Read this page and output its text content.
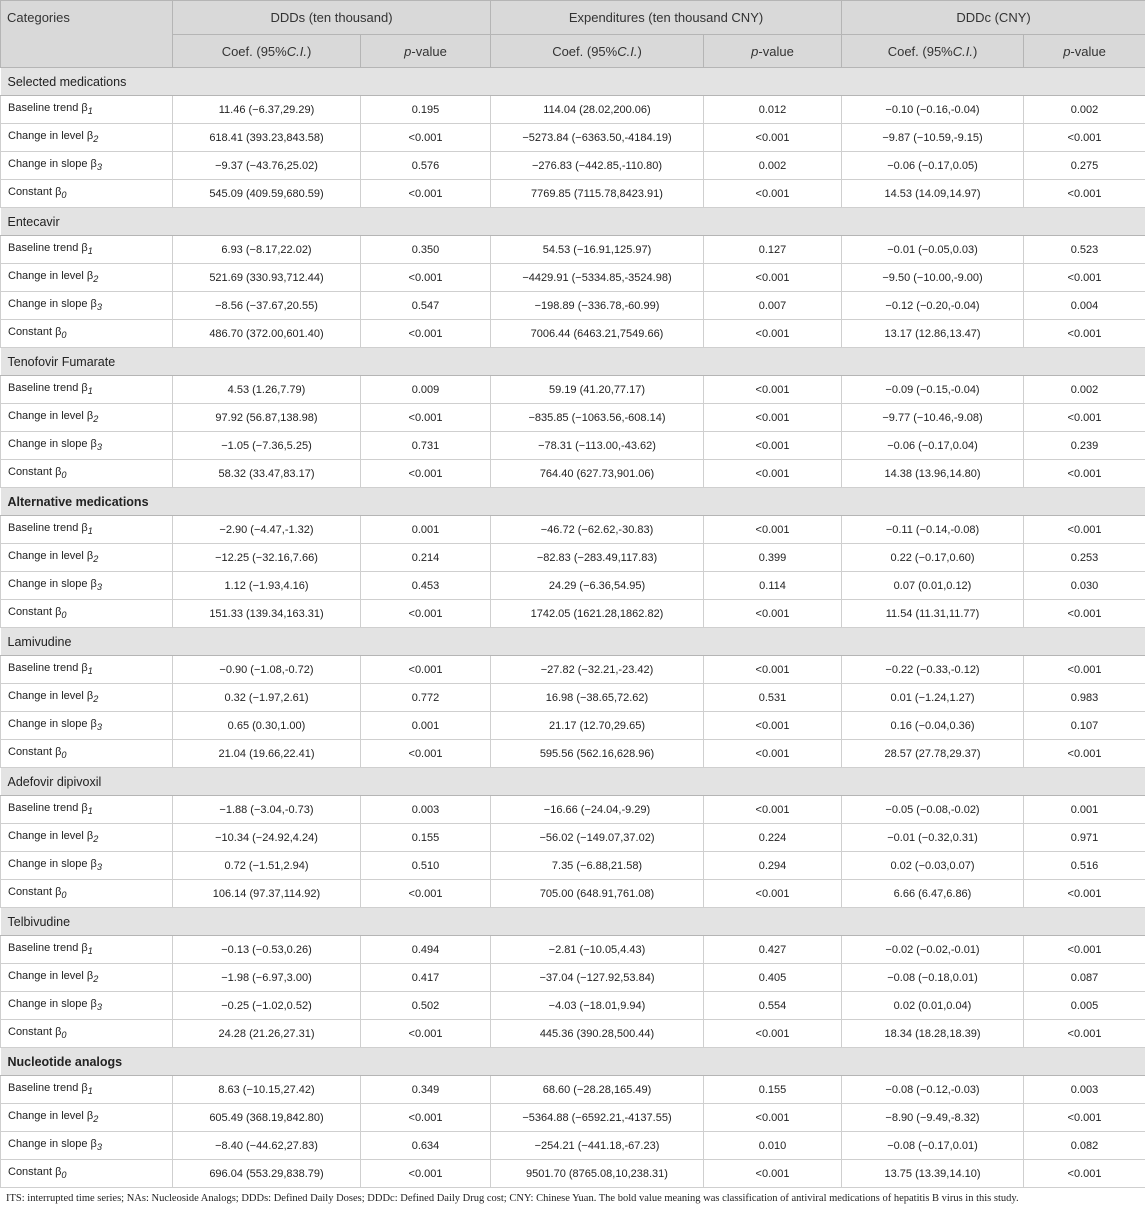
Categories	DDDs (ten thousand)		Expenditures (ten thousand CNY)		DDDc (CNY)	
	Coef. (95%C.I.)	p-value	Coef. (95%C.I.)	p-value	Coef. (95%C.I.)	p-value
Selected medications						
Baseline trend $\beta_1$	11.46 (−6.37,29.29)	0.195	114.04 (28.02,200.06)	0.012	−0.10 (−0.16,-0.04)	0.002
Change in level $\beta_2$	618.41 (393.23,843.58)	<0.001	−5273.84 (−6363.50,-4184.19)	<0.001	−9.87 (−10.59,-9.15)	<0.001
Change in slope $\beta_3$	−9.37 (−43.76,25.02)	0.576	−276.83 (−442.85,-110.80)	0.002	−0.06 (−0.17,0.05)	0.275
Constant $\beta_0$	545.09 (409.59,680.59)	<0.001	7769.85 (7115.78,8423.91)	<0.001	14.53 (14.09,14.97)	<0.001
Entecavir						
Baseline trend $\beta_1$	6.93 (−8.17,22.02)	0.350	54.53 (−16.91,125.97)	0.127	−0.01 (−0.05,0.03)	0.523
Change in level $\beta_2$	521.69 (330.93,712.44)	<0.001	−4429.91 (−5334.85,-3524.98)	<0.001	−9.50 (−10.00,-9.00)	<0.001
Change in slope $\beta_3$	−8.56 (−37.67,20.55)	0.547	−198.89 (−336.78,-60.99)	0.007	−0.12 (−0.20,-0.04)	0.004
Constant $\beta_0$	486.70 (372.00,601.40)	<0.001	7006.44 (6463.21,7549.66)	<0.001	13.17 (12.86,13.47)	<0.001
Tenofovir Fumarate						
Baseline trend $\beta_1$	4.53 (1.26,7.79)	0.009	59.19 (41.20,77.17)	<0.001	−0.09 (−0.15,-0.04)	0.002
Change in level $\beta_2$	97.92 (56.87,138.98)	<0.001	−835.85 (−1063.56,-608.14)	<0.001	−9.77 (−10.46,-9.08)	<0.001
Change in slope $\beta_3$	−1.05 (−7.36,5.25)	0.731	−78.31 (−113.00,-43.62)	<0.001	−0.06 (−0.17,0.04)	0.239
Constant $\beta_0$	58.32 (33.47,83.17)	<0.001	764.40 (627.73,901.06)	<0.001	14.38 (13.96,14.80)	<0.001
Alternative medications						
Baseline trend $\beta_1$	−2.90 (−4.47,-1.32)	0.001	−46.72 (−62.62,-30.83)	<0.001	−0.11 (−0.14,-0.08)	<0.001
Change in level $\beta_2$	−12.25 (−32.16,7.66)	0.214	−82.83 (−283.49,117.83)	0.399	0.22 (−0.17,0.60)	0.253
Change in slope $\beta_3$	1.12 (−1.93,4.16)	0.453	24.29 (−6.36,54.95)	0.114	0.07 (0.01,0.12)	0.030
Constant $\beta_0$	151.33 (139.34,163.31)	<0.001	1742.05 (1621.28,1862.82)	<0.001	11.54 (11.31,11.77)	<0.001
Lamivudine						
Baseline trend $\beta_1$	−0.90 (−1.08,-0.72)	<0.001	−27.82 (−32.21,-23.42)	<0.001	−0.22 (−0.33,-0.12)	<0.001
Change in level $\beta_2$	0.32 (−1.97,2.61)	0.772	16.98 (−38.65,72.62)	0.531	0.01 (−1.24,1.27)	0.983
Change in slope $\beta_3$	0.65 (0.30,1.00)	0.001	21.17 (12.70,29.65)	<0.001	0.16 (−0.04,0.36)	0.107
Constant $\beta_0$	21.04 (19.66,22.41)	<0.001	595.56 (562.16,628.96)	<0.001	28.57 (27.78,29.37)	<0.001
Adefovir dipivoxil						
Baseline trend $\beta_1$	−1.88 (−3.04,-0.73)	0.003	−16.66 (−24.04,-9.29)	<0.001	−0.05 (−0.08,-0.02)	0.001
Change in level $\beta_2$	−10.34 (−24.92,4.24)	0.155	−56.02 (−149.07,37.02)	0.224	−0.01 (−0.32,0.31)	0.971
Change in slope $\beta_3$	0.72 (−1.51,2.94)	0.510	7.35 (−6.88,21.58)	0.294	0.02 (−0.03,0.07)	0.516
Constant $\beta_0$	106.14 (97.37,114.92)	<0.001	705.00 (648.91,761.08)	<0.001	6.66 (6.47,6.86)	<0.001
Telbivudine						
Baseline trend $\beta_1$	−0.13 (−0.53,0.26)	0.494	−2.81 (−10.05,4.43)	0.427	−0.02 (−0.02,-0.01)	<0.001
Change in level $\beta_2$	−1.98 (−6.97,3.00)	0.417	−37.04 (−127.92,53.84)	0.405	−0.08 (−0.18,0.01)	0.087
Change in slope $\beta_3$	−0.25 (−1.02,0.52)	0.502	−4.03 (−18.01,9.94)	0.554	0.02 (0.01,0.04)	0.005
Constant $\beta_0$	24.28 (21.26,27.31)	<0.001	445.36 (390.28,500.44)	<0.001	18.34 (18.28,18.39)	<0.001
Nucleotide analogs						
Baseline trend $\beta_1$	8.63 (−10.15,27.42)	0.349	68.60 (−28.28,165.49)	0.155	−0.08 (−0.12,-0.03)	0.003
Change in level $\beta_2$	605.49 (368.19,842.80)	<0.001	−5364.88 (−6592.21,-4137.55)	<0.001	−8.90 (−9.49,-8.32)	<0.001
Change in slope $\beta_3$	−8.40 (−44.62,27.83)	0.634	−254.21 (−441.18,-67.23)	0.010	−0.08 (−0.17,0.01)	0.082
Constant $\beta_0$	696.04 (553.29,838.79)	<0.001	9501.70 (8765.08,10,238.31)	<0.001	13.75 (13.39,14.10)	<0.001
ITS: interrupted time series; NAs: Nucleoside Analogs; DDDs: Defined Daily Doses; DDDc: Defined Daily Drug cost; CNY: Chinese Yuan. The bold value meaning was classification of antiviral medications of hepatitis B virus in this study.
